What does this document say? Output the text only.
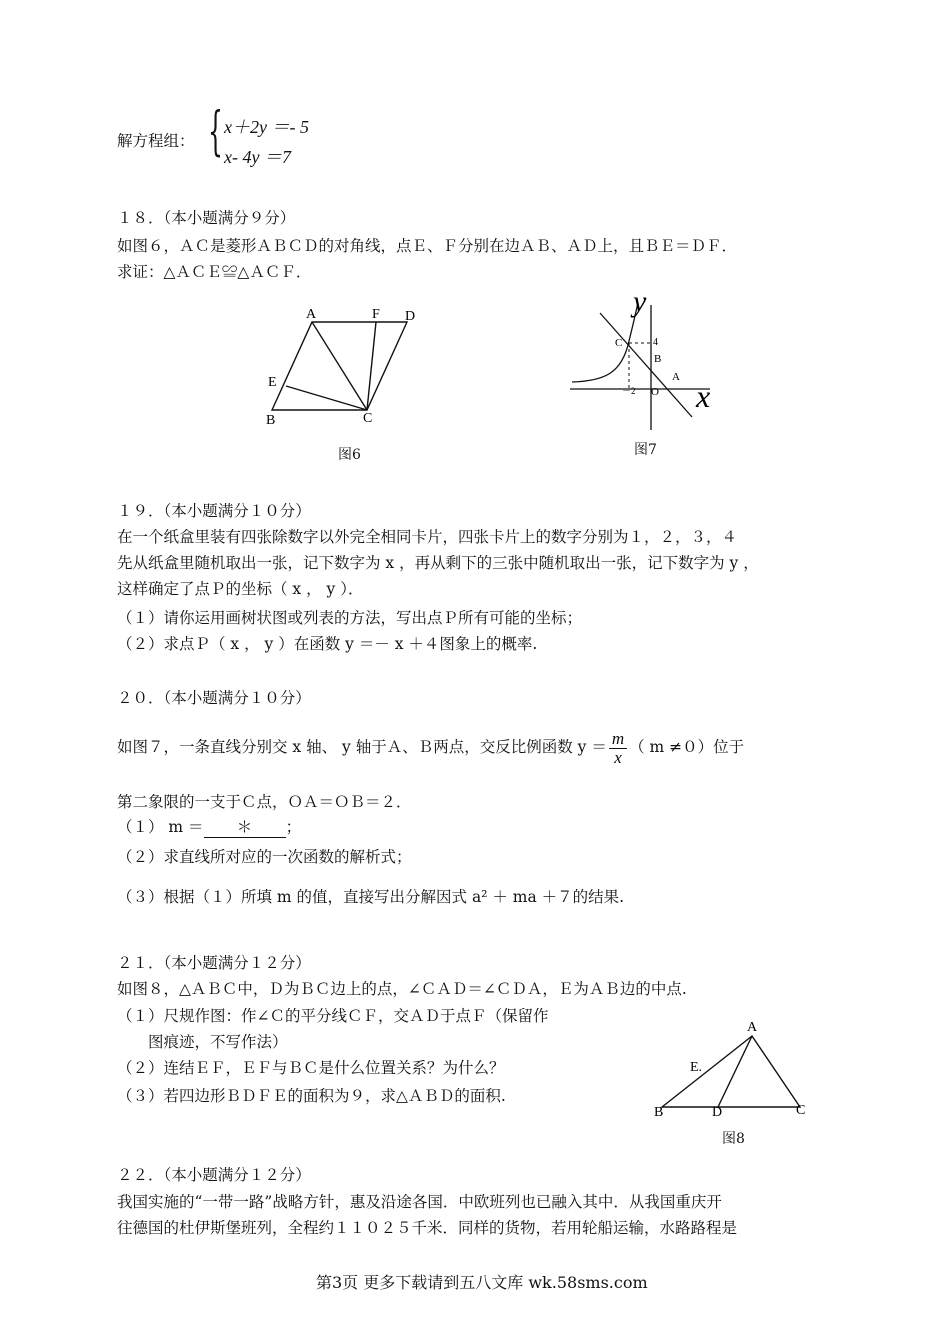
解方程组： { x＋2y ＝- 5
x- 4y ＝7
１８．（本小题满分９分）
如图６，ＡＣ是菱形ＡＢＣＤ的对角线，点Ｅ、Ｆ分别在边ＡＢ、ＡＤ上，且ＢＥ＝ＤＦ．
求证：△ＡＣＥ≌△ＡＣＦ．
A	F D
E
B	C
图6
y
x
C	4
B
A
－2 O
图7
１９．（本小题满分１０分）
在一个纸盒里装有四张除数字以外完全相同卡片，四张卡片上的数字分别为１，２，３，４
先从纸盒里随机取出一张，记下数字为 x ，再从剩下的三张中随机取出一张，记下数字为 y ，
这样确定了点Ｐ的坐标（ x ， y ）．
（１）请你运用画树状图或列表的方法，写出点Ｐ所有可能的坐标；
（２）求点Ｐ（ x ， y ）在函数 y ＝－ x ＋４图象上的概率.
２０．（本小题满分１０分）
如图７，一条直线分别交 x 轴、 y 轴于Ａ、Ｂ两点，交反比例函数 $y = \frac{m}{x}$ （ m ≠０）位于
第二象限的一支于Ｃ点，ＯＡ＝ＯＢ＝２．
（１） m ＝ ＊ ；
（２）求直线所对应的一次函数的解析式；
（３）根据（１）所填 m 的值，直接写出分解因式 a² ＋ ma ＋７的结果.
２１．（本小题满分１２分）
如图８，△ＡＢＣ中，Ｄ为ＢＣ边上的点，∠ＣＡＤ＝∠ＣＤＡ，Ｅ为ＡＢ边的中点.
（１）尺规作图：作∠Ｃ的平分线ＣＦ，交ＡＤ于点Ｆ（保留作
图痕迹，不写作法）
（２）连结ＥＦ，ＥＦ与ＢＣ是什么位置关系？为什么？
（３）若四边形ＢＤＦＥ的面积为９，求△ＡＢＤ的面积.
A
E.
B	D	C
图8
２２．（本小题满分１２分）
我国实施的“一带一路”战略方针，惠及沿途各国．中欧班列也已融入其中．从我国重庆开
往德国的杜伊斯堡班列，全程约１１０２５千米．同样的货物，若用轮船运输，水路路程是
第3页 更多下载请到五八文库 wk.58sms.com
